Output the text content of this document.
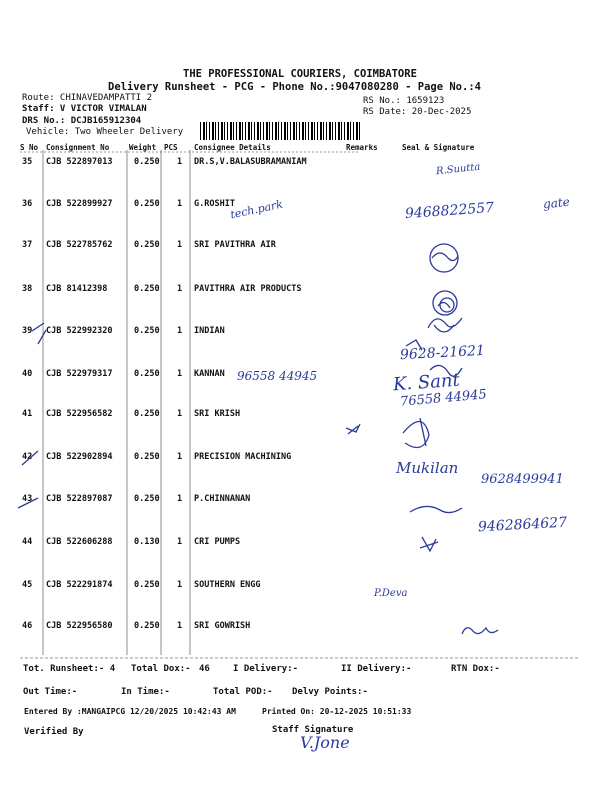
THE PROFESSIONAL COURIERS, COIMBATORE
Delivery Runsheet - PCG - Phone No.:9047080280 - Page No.:4
Route: CHINAVEDAMPATTI 2
Staff: V VICTOR VIMALAN
DRS No.: DCJB165912304
Vehicle: Two Wheeler Delivery
RS No.: 1659123
RS Date: 20-Dec-2025
S No Consignment No	Weight PCS Consignee Details	Remarks	Seal & Signature
35 CJB 522897013	0.250 1 DR.S,V.BALASUBRAMANIAM
36 CJB 522899927	0.250 1 G.ROSHIT
37 CJB 522785762	0.250 1 SRI PAVITHRA AIR
38 CJB 81412398	0.250 1 PAVITHRA AIR PRODUCTS
39 CJB 522992320	0.250 1 INDIAN
40 CJB 522979317	0.250 1 KANNAN
41 CJB 522956582	0.250 1 SRI KRISH
42 CJB 522902894	0.250 1 PRECISION MACHINING
43 CJB 522897087	0.250 1 P.CHINNANAN
44 CJB 522606288	0.130 1 CRI PUMPS
45 CJB 522291874	0.250 1 SOUTHERN ENGG
46 CJB 522956580	0.250 1 SRI GOWRISH
R.Suutta
tech.park	9468822557	gate
9628-21621
96558 44945	K. Sant
76558 44945
Mukilan
9628499941
9462864627
P.Deva
Tot. Runsheet:- 4 Total Dox:- 46	I Delivery:-	II Delivery:-	RTN Dox:-
Out Time:-	In Time:-	Total POD:- Delvy Points:-
Entered By :MANGAIPCG 12/20/2025 10:42:43 AM	Printed On: 20-12-2025 10:51:33
Verified By	Staff Signature
V.Jone
